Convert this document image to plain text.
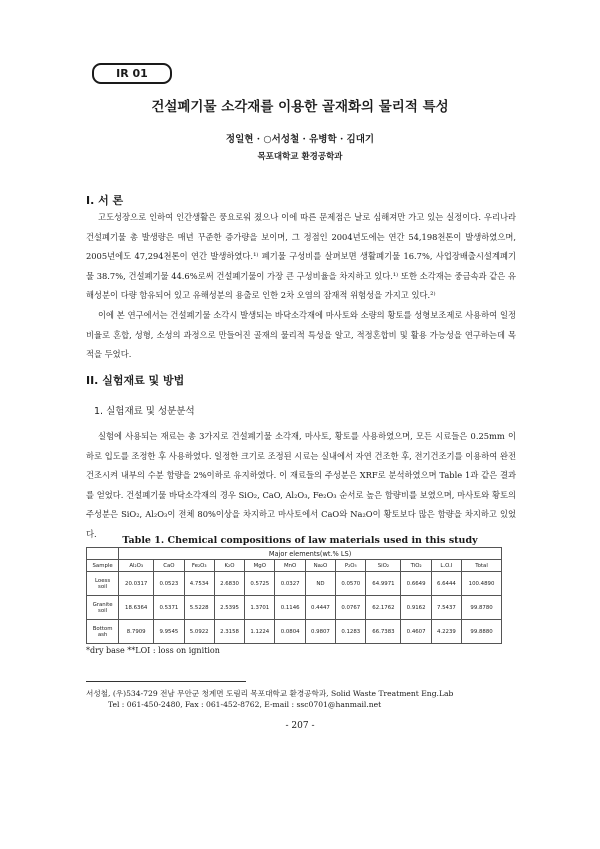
IR 01
건설폐기물 소각재를 이용한 골재화의 물리적 특성
정일현 · ○서성철 · 유병학 · 김대기
목포대학교 환경공학과
I. 서 론

고도성장으로 인하여 인간생활은 풍요로워 졌으나 이에 따른 문제점은 날로 심해져만 가고 있는 실정이다. 우리나라 건설폐기물 총 발생량은 매년 꾸준한 증가량을 보이며, 그 정점인 2004년도에는 연간 54,198천톤이 발생하였으며, 2005년에도 47,294천톤이 연간 발생하였다.¹⁾ 폐기물 구성비를 살펴보면 생활폐기물 16.7%, 사업장배출시설계폐기물 38.7%, 건설폐기물 44.6%로써 건설폐기물이 가장 큰 구성비율을 차지하고 있다.¹⁾ 또한 소각재는 중금속과 같은 유해성분이 다량 함유되어 있고 유해성분의 용출로 인한 2차 오염의 잠재적 위험성을 가지고 있다.²⁾

이에 본 연구에서는 건설폐기물 소각시 발생되는 바닥소각재에 마사토와 소량의 황토를 성형보조제로 사용하여 일정비율로 혼합, 성형, 소성의 과정으로 만들어진 골재의 물리적 특성을 알고, 적정혼합비 및 활용 가능성을 연구하는데 목적을 두었다.

II. 실험재료 및 방법
1. 실험재료 및 성분분석

실험에 사용되는 재료는 총 3가지로 건설폐기물 소각재, 마사토, 황토를 사용하였으며, 모든 시료들은 0.25mm 이하로 입도를 조정한 후 사용하였다. 일정한 크기로 조정된 시료는 실내에서 자연 건조한 후, 전기건조기를 이용하여 완전 건조시켜 내부의 수분 함량을 2%이하로 유지하였다. 이 재료들의 주성분은 XRF로 분석하였으며 Table 1과 같은 결과를 얻었다. 건설폐기물 바닥소각재의 경우 SiO₂, CaO, Al₂O₃, Fe₂O₃ 순서로 높은 함량비를 보였으며, 마사토와 황토의 주성분은 SiO₂, Al₂O₃이 전체 80%이상을 차지하고 마사토에서 CaO와 Na₂O이 황토보다 많은 함량을 차지하고 있었다.

Table 1. Chemical compositions of law materials used in this study
	Major elements(wt.% LS)											
Sample	Al₂O₃	CaO	Fe₂O₃	K₂O	MgO	MnO	Na₂O	P₂O₅	SiO₂	TiO₂	L.O.I	Total
Loess
soil	20.0317	0.0523	4.7534	2.6830	0.5725	0.0327	ND	0.0570	64.9971	0.6649	6.6444	100.4890
Granite
soil	18.6364	0.5371	5.5228	2.5395	1.3701	0.1146	0.4447	0.0767	62.1762	0.9162	7.5437	99.8780
Bottom
ash	8.7909	9.9545	5.0922	2.3158	1.1224	0.0804	0.9807	0.1283	66.7383	0.4607	4.2239	99.8880
*dry base **LOI : loss on ignition
서성철, (우)534-729 전남 무안군 청계면 도림리 목포대학교 환경공학과, Solid Waste Treatment Eng.Lab
Tel : 061-450-2480, Fax : 061-452-8762, E-mail : ssc0701@hanmail.net
- 207 -
